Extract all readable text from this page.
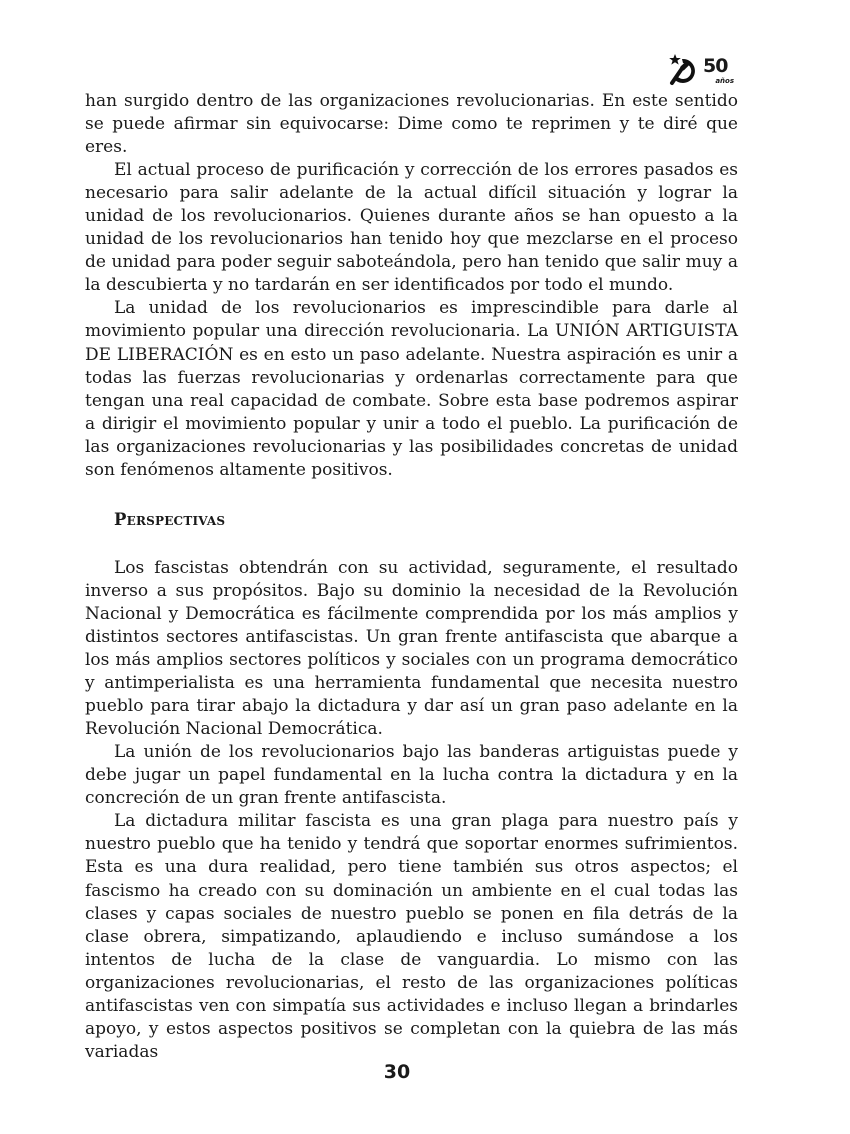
50
años

han surgido dentro de las organizaciones revolucionarias. En este sentido se puede afirmar sin equivocarse: Dime como te reprimen y te diré que eres.

El actual proceso de purificación y corrección de los errores pasados es necesario para salir adelante de la actual difícil situación y lograr la unidad de los revolucionarios. Quienes durante años se han opuesto a la unidad de los revolucionarios han tenido hoy que mezclarse en el proceso de unidad para poder seguir saboteándola, pero han tenido que salir muy a la descubierta y no tardarán en ser identificados por todo el mundo.

La unidad de los revolucionarios es imprescindible para darle al movimiento popular una dirección revolucionaria. La UNIÓN ARTIGUISTA DE LIBERACIÓN es en esto un paso adelante. Nuestra aspiración es unir a todas las fuerzas revolucionarias y ordenarlas correctamente para que tengan una real capacidad de combate. Sobre esta base podremos aspirar a dirigir el movimiento popular y unir a todo el pueblo. La purificación de las organizaciones revolucionarias y las posibilidades concretas de unidad son fenómenos altamente positivos.

Perspectivas

Los fascistas obtendrán con su actividad, seguramente, el resultado inverso a sus propósitos. Bajo su dominio la necesidad de la Revolución Nacional y Democrática es fácilmente comprendida por los más amplios y distintos sectores antifascistas. Un gran frente antifascista que abarque a los más amplios sectores políticos y sociales con un programa democrático y antimperialista es una herramienta fundamental que necesita nuestro pueblo para tirar abajo la dictadura y dar así un gran paso adelante en la Revolución Nacional Democrática.

La unión de los revolucionarios bajo las banderas artiguistas puede y debe jugar un papel fundamental en la lucha contra la dictadura y en la concreción de un gran frente antifascista.

La dictadura militar fascista es una gran plaga para nuestro país y nuestro pueblo que ha tenido y tendrá que soportar enormes sufrimientos. Esta es una dura realidad, pero tiene también sus otros aspectos; el fascismo ha creado con su dominación un ambiente en el cual todas las clases y capas sociales de nuestro pueblo se ponen en fila detrás de la clase obrera, simpatizando, aplaudiendo e incluso sumándose a los intentos de lucha de la clase de vanguardia. Lo mismo con las organizaciones revolucionarias, el resto de las organizaciones políticas antifascistas ven con simpatía sus actividades e incluso llegan a brindarles apoyo, y estos aspectos positivos se completan con la quiebra de las más variadas

30
